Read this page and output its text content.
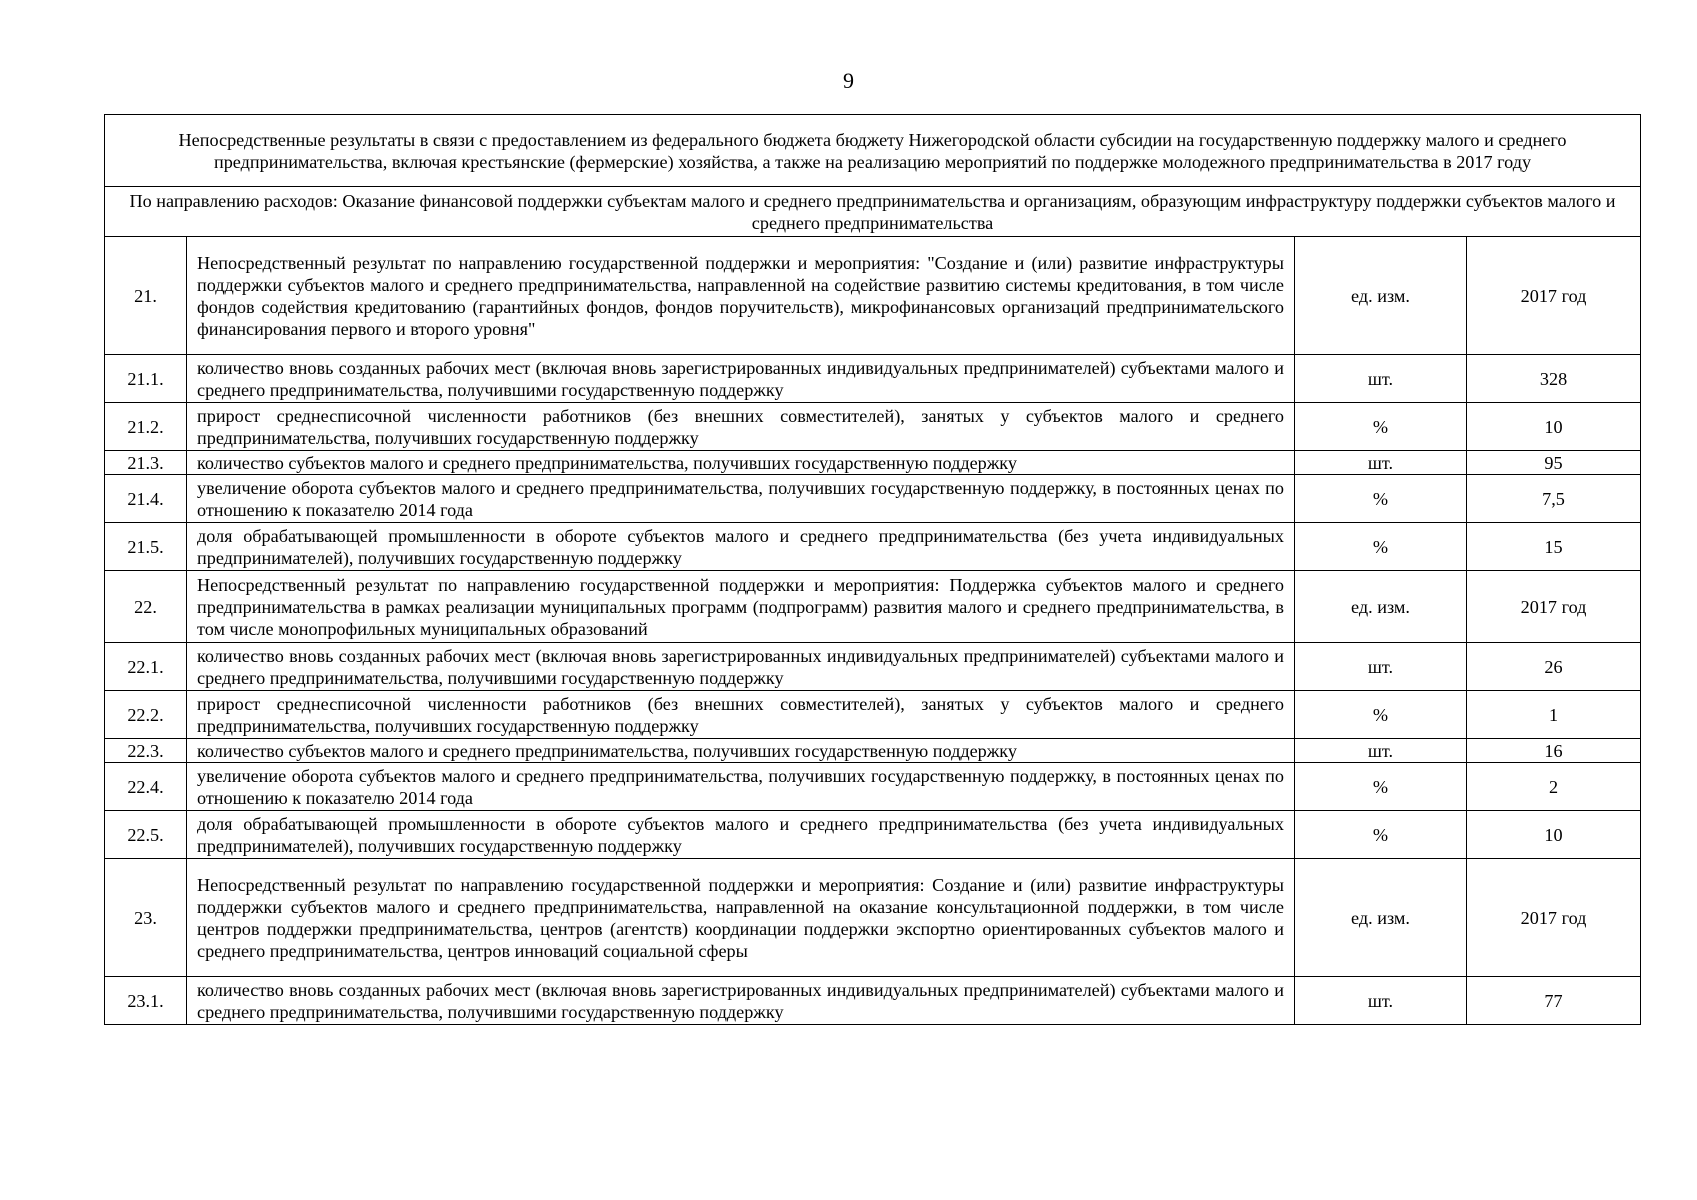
9
Непосредственные результаты в связи с предоставлением из федерального бюджета бюджету Нижегородской области субсидии на государственную поддержку малого и среднего предпринимательства, включая крестьянские (фермерские) хозяйства, а также на реализацию мероприятий по поддержке молодежного предпринимательства в 2017 году			
По направлению расходов: Оказание финансовой поддержки субъектам малого и среднего предпринимательства и организациям, образующим инфраструктуру поддержки субъектов малого и среднего предпринимательства			
21.	Непосредственный результат по направлению государственной поддержки и мероприятия: "Создание и (или) развитие инфраструктуры поддержки субъектов малого и среднего предпринимательства, направленной на содействие развитию системы кредитования, в том числе фондов содействия кредитованию (гарантийных фондов, фондов поручительств), микрофинансовых организаций предпринимательского финансирования первого и второго уровня"	ед. изм.	2017 год
21.1.	количество вновь созданных рабочих мест (включая вновь зарегистрированных индивидуальных предпринимателей) субъектами малого и среднего предпринимательства, получившими государственную поддержку	шт.	328
21.2.	прирост среднесписочной численности работников (без внешних совместителей), занятых у субъектов малого и среднего предпринимательства, получивших государственную поддержку	%	10
21.3.	количество субъектов малого и среднего предпринимательства, получивших государственную поддержку	шт.	95
21.4.	увеличение оборота субъектов малого и среднего предпринимательства, получивших государственную поддержку, в постоянных ценах по отношению к показателю 2014 года	%	7,5
21.5.	доля обрабатывающей промышленности в обороте субъектов малого и среднего предпринимательства (без учета индивидуальных предпринимателей), получивших государственную поддержку	%	15
22.	Непосредственный результат по направлению государственной поддержки и мероприятия: Поддержка субъектов малого и среднего предпринимательства в рамках реализации муниципальных программ (подпрограмм) развития малого и среднего предпринимательства, в том числе монопрофильных муниципальных образований	ед. изм.	2017 год
22.1.	количество вновь созданных рабочих мест (включая вновь зарегистрированных индивидуальных предпринимателей) субъектами малого и среднего предпринимательства, получившими государственную поддержку	шт.	26
22.2.	прирост среднесписочной численности работников (без внешних совместителей), занятых у субъектов малого и среднего предпринимательства, получивших государственную поддержку	%	1
22.3.	количество субъектов малого и среднего предпринимательства, получивших государственную поддержку	шт.	16
22.4.	увеличение оборота субъектов малого и среднего предпринимательства, получивших государственную поддержку, в постоянных ценах по отношению к показателю 2014 года	%	2
22.5.	доля обрабатывающей промышленности в обороте субъектов малого и среднего предпринимательства (без учета индивидуальных предпринимателей), получивших государственную поддержку	%	10
23.	Непосредственный результат по направлению государственной поддержки и мероприятия: Создание и (или) развитие инфраструктуры поддержки субъектов малого и среднего предпринимательства, направленной на оказание консультационной поддержки, в том числе центров поддержки предпринимательства, центров (агентств) координации поддержки экспортно ориентированных субъектов малого и среднего предпринимательства, центров инноваций социальной сферы	ед. изм.	2017 год
23.1.	количество вновь созданных рабочих мест (включая вновь зарегистрированных индивидуальных предпринимателей) субъектами малого и среднего предпринимательства, получившими государственную поддержку	шт.	77
